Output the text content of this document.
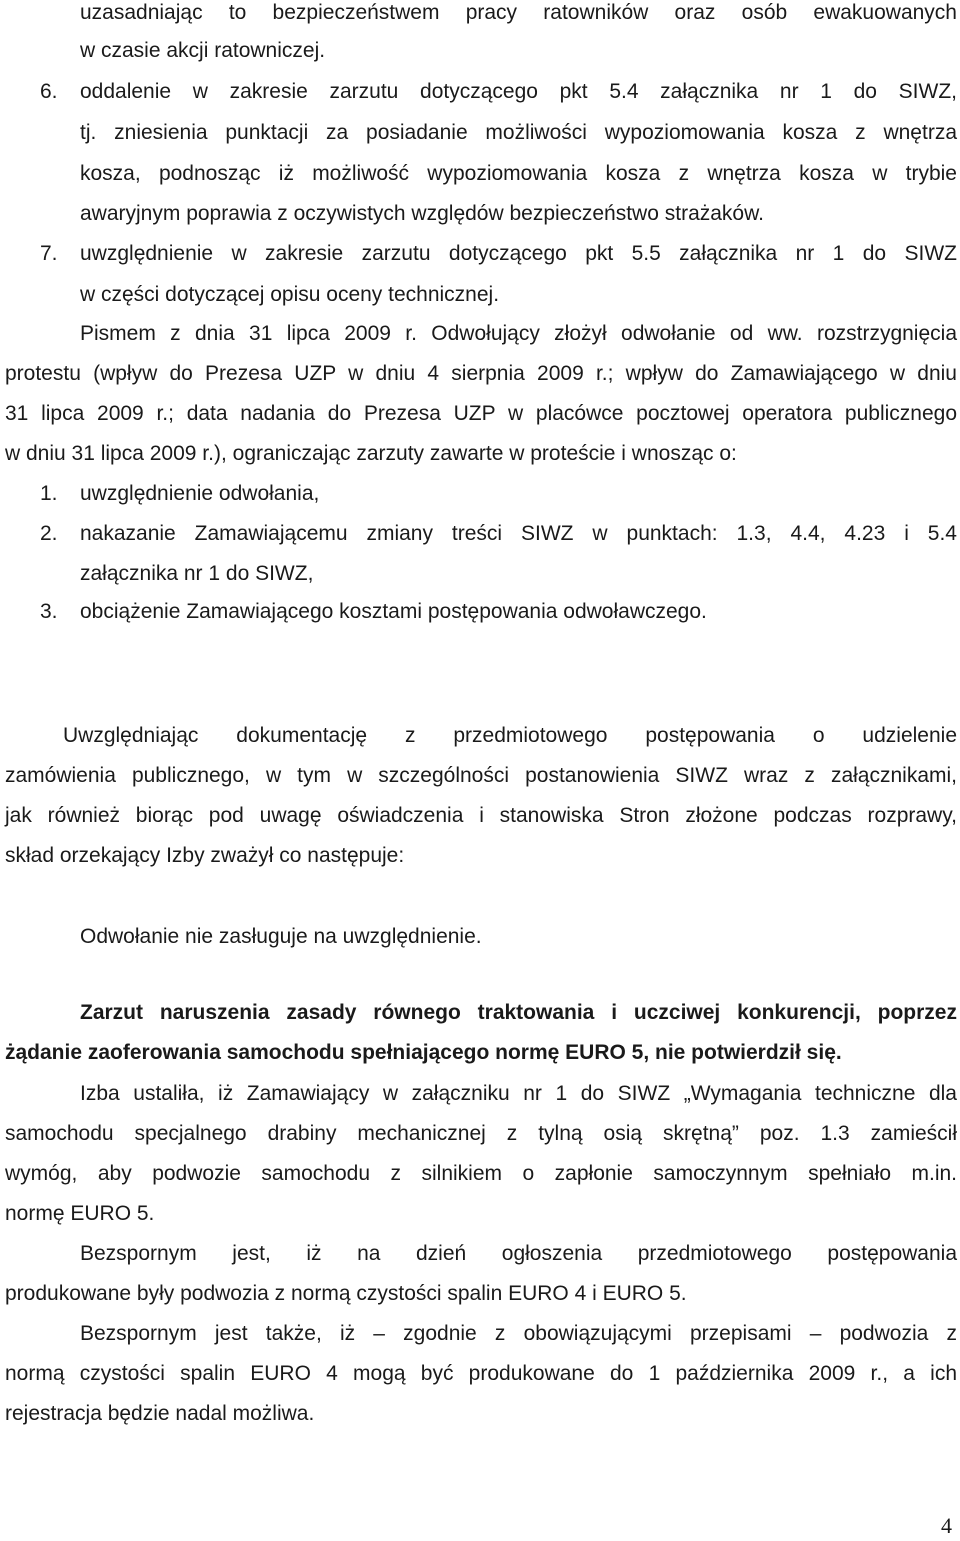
uzasadniając to bezpieczeństwem pracy ratowników oraz osób ewakuowanych
w czasie akcji ratowniczej.
6. oddalenie w zakresie zarzutu dotyczącego pkt 5.4 załącznika nr 1 do SIWZ,
tj. zniesienia punktacji za posiadanie możliwości wypoziomowania kosza z wnętrza
kosza, podnosząc iż możliwość wypoziomowania kosza z wnętrza kosza w trybie
awaryjnym poprawia z oczywistych względów bezpieczeństwo strażaków.
7. uwzględnienie w zakresie zarzutu dotyczącego pkt 5.5 załącznika nr 1 do SIWZ
w części dotyczącej opisu oceny technicznej.
Pismem z dnia 31 lipca 2009 r. Odwołujący złożył odwołanie od ww. rozstrzygnięcia
protestu (wpływ do Prezesa UZP w dniu 4 sierpnia 2009 r.; wpływ do Zamawiającego w dniu
31 lipca 2009 r.; data nadania do Prezesa UZP w placówce pocztowej operatora publicznego
w dniu 31 lipca 2009 r.), ograniczając zarzuty zawarte w proteście i wnosząc o:
1. uwzględnienie odwołania,
2. nakazanie Zamawiającemu zmiany treści SIWZ w punktach: 1.3, 4.4, 4.23 i 5.4
załącznika nr 1 do SIWZ,
3. obciążenie Zamawiającego kosztami postępowania odwoławczego.
Uwzględniając dokumentację z przedmiotowego postępowania o udzielenie
zamówienia publicznego, w tym w szczególności postanowienia SIWZ wraz z załącznikami,
jak również biorąc pod uwagę oświadczenia i stanowiska Stron złożone podczas rozprawy,
skład orzekający Izby zważył co następuje:
Odwołanie nie zasługuje na uwzględnienie.
Zarzut naruszenia zasady równego traktowania i uczciwej konkurencji, poprzez
żądanie zaoferowania samochodu spełniającego normę EURO 5, nie potwierdził się.
Izba ustaliła, iż Zamawiający w załączniku nr 1 do SIWZ „Wymagania techniczne dla
samochodu specjalnego drabiny mechanicznej z tylną osią skrętną” poz. 1.3 zamieścił
wymóg, aby podwozie samochodu z silnikiem o zapłonie samoczynnym spełniało m.in.
normę EURO 5.
Bezspornym jest, iż na dzień ogłoszenia przedmiotowego postępowania
produkowane były podwozia z normą czystości spalin EURO 4 i EURO 5.
Bezspornym jest także, iż – zgodnie z obowiązującymi przepisami – podwozia z
normą czystości spalin EURO 4 mogą być produkowane do 1 października 2009 r., a ich
rejestracja będzie nadal możliwa.
4
